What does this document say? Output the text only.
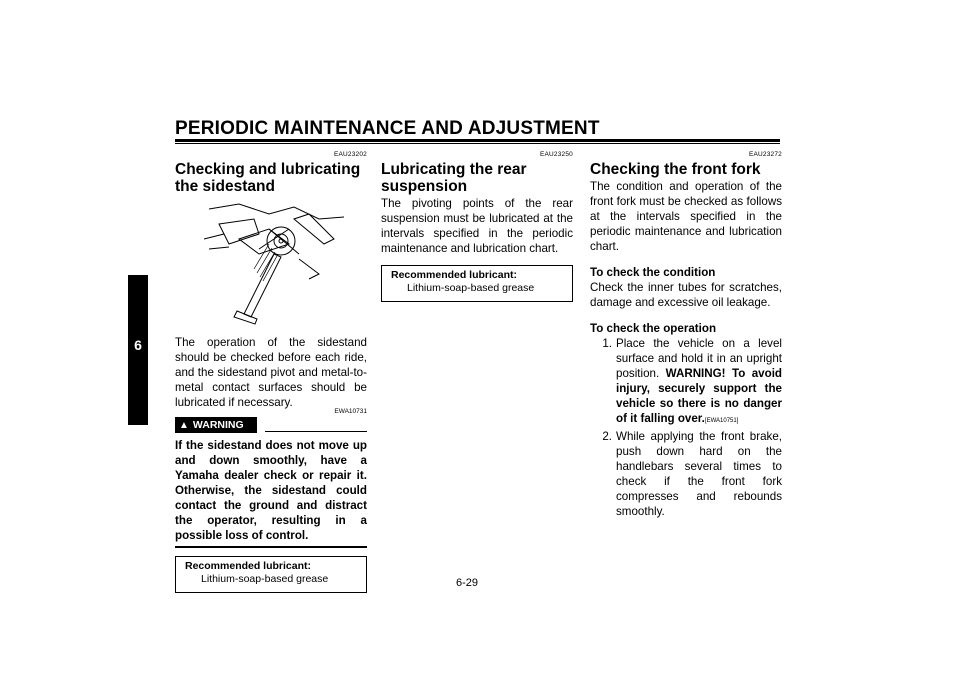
PERIODIC MAINTENANCE AND ADJUSTMENT
6
EAU23202
Checking and lubricating the sidestand

The operation of the sidestand should be checked before each ride, and the sidestand pivot and metal-to-metal contact surfaces should be lubricated if necessary.

EWA10731
▲ WARNING

If the sidestand does not move up and down smoothly, have a Yamaha dealer check or repair it. Otherwise, the sidestand could contact the ground and distract the operator, resulting in a possible loss of control.

Recommended lubricant:
Lithium-soap-based grease
EAU23250
Lubricating the rear suspension

The pivoting points of the rear suspension must be lubricated at the intervals specified in the periodic maintenance and lubrication chart.

Recommended lubricant:
Lithium-soap-based grease
EAU23272
Checking the front fork

The condition and operation of the front fork must be checked as follows at the intervals specified in the periodic maintenance and lubrication chart.

To check the condition

Check the inner tubes for scratches, damage and excessive oil leakage.

To check the operation
1. Place the vehicle on a level surface and hold it in an upright position. WARNING! To avoid injury, securely support the vehicle so there is no danger of it falling over.[EWA10751]
2. While applying the front brake, push down hard on the handlebars several times to check if the front fork compresses and rebounds smoothly.
6-29
